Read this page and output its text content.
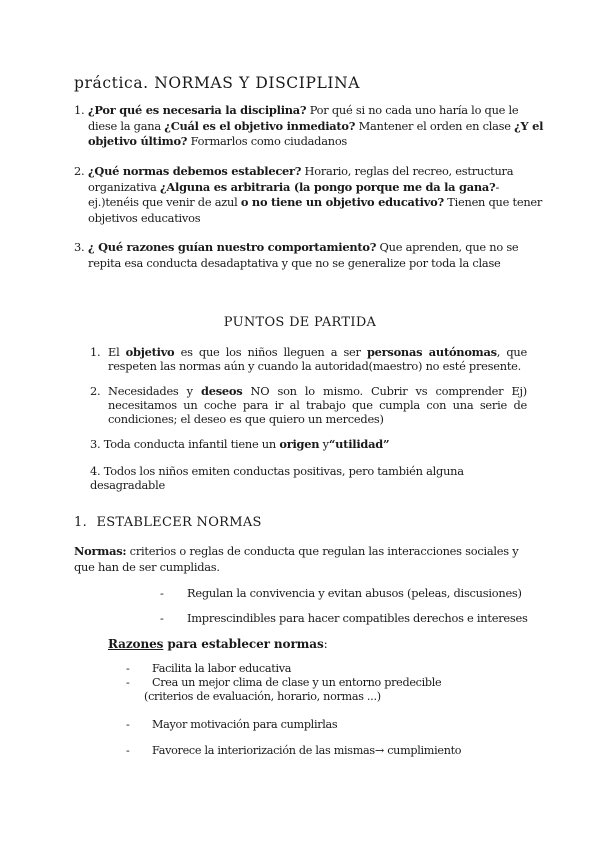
práctica. NORMAS Y DISCIPLINA
1. ¿Por qué es necesaria la disciplina? Por qué si no cada uno haría lo que le diese la gana ¿Cuál es el objetivo inmediato? Mantener el orden en clase ¿Y el objetivo último? Formarlos como ciudadanos
2. ¿Qué normas debemos establecer? Horario, reglas del recreo, estructura organizativa ¿Alguna es arbitraria (la pongo porque me da la gana?-ej.)tenéis que venir de azul o no tiene un objetivo educativo? Tienen que tener objetivos educativos
3. ¿ Qué razones guían nuestro comportamiento? Que aprenden, que no se repita esa conducta desadaptativa y que no se generalize por toda la clase
PUNTOS DE PARTIDA
1. El objetivo es que los niños lleguen a ser personas autónomas, que respeten las normas aún y cuando la autoridad(maestro) no esté presente.
2. Necesidades y deseos NO son lo mismo. Cubrir vs comprender Ej) necesitamos un coche para ir al trabajo que cumpla con una serie de condiciones; el deseo es que quiero un mercedes)
3. Toda conducta infantil tiene un origen y“utilidad”
4. Todos los niños emiten conductas positivas, pero también alguna desagradable
1. ESTABLECER NORMAS
Normas: criterios o reglas de conducta que regulan las interacciones sociales y que han de ser cumplidas.
- Regulan la convivencia y evitan abusos (peleas, discusiones)
- Imprescindibles para hacer compatibles derechos e intereses
Razones para establecer normas:
- Facilita la labor educativa
-	Crea un mejor clima de clase y un entorno predecible (criterios de evaluación, horario, normas ...)
- Mayor motivación para cumplirlas
- Favorece la interiorización de las mismas→ cumplimiento
